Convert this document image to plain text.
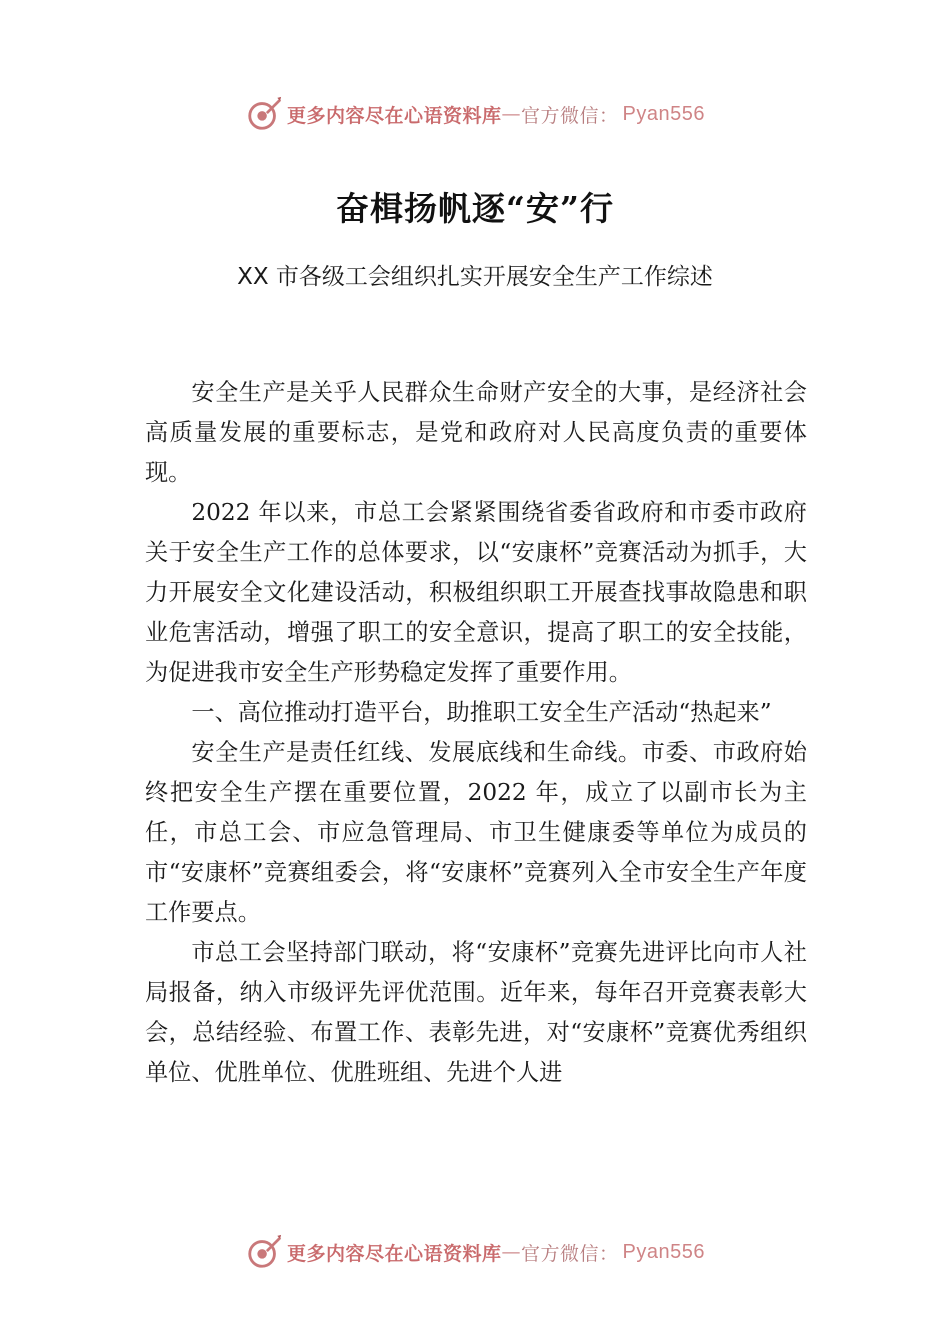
更多内容尽在心语资料库 — 官方微信： Pyan556
奋楫扬帆逐“安”行
XX 市各级工会组织扎实开展安全生产工作综述

安全生产是关乎人民群众生命财产安全的大事，是经济社会高质量发展的重要标志，是党和政府对人民高度负责的重要体现。

2022 年以来，市总工会紧紧围绕省委省政府和市委市政府关于安全生产工作的总体要求，以“安康杯”竞赛活动为抓手，大力开展安全文化建设活动，积极组织职工开展查找事故隐患和职业危害活动，增强了职工的安全意识，提高了职工的安全技能，为促进我市安全生产形势稳定发挥了重要作用。

一、高位推动打造平台，助推职工安全生产活动“热起来”

安全生产是责任红线、发展底线和生命线。市委、市政府始终把安全生产摆在重要位置，2022 年，成立了以副市长为主任，市总工会、市应急管理局、市卫生健康委等单位为成员的市“安康杯”竞赛组委会，将“安康杯”竞赛列入全市安全生产年度工作要点。

市总工会坚持部门联动，将“安康杯”竞赛先进评比向市人社局报备，纳入市级评先评优范围。近年来，每年召开竞赛表彰大会，总结经验、布置工作、表彰先进，对“安康杯”竞赛优秀组织单位、优胜单位、优胜班组、先进个人进

更多内容尽在心语资料库 — 官方微信： Pyan556
